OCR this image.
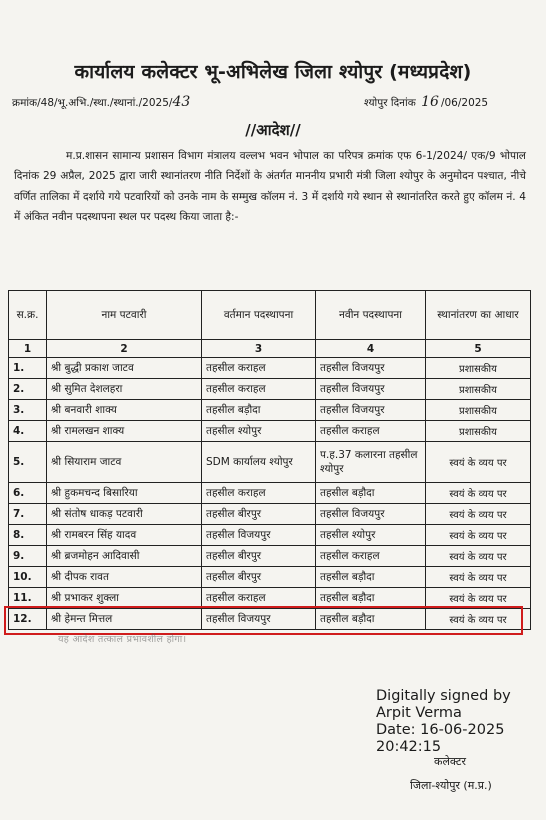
कार्यालय कलेक्टर भू-अभिलेख जिला श्योपुर (मध्यप्रदेश)
क्रमांक/48/भू.अभि./स्था./स्थानां./2025/43	श्योपुर दिनांक 16 /06/2025
//आदेश//
म.प्र.शासन सामान्य प्रशासन विभाग मंत्रालय वल्लभ भवन भोपाल का परिपत्र क्रमांक एफ 6-1/2024/ एक/9 भोपाल दिनांक 29 अप्रैल, 2025 द्वारा जारी स्थानांतरण नीति निर्देशों के अंतर्गत माननीय प्रभारी मंत्री जिला श्योपुर के अनुमोदन पश्चात, नीचे वर्णित तालिका में दर्शाये गये पटवारियों को उनके नाम के सम्मुख कॉलम नं. 3 में दर्शाये गये स्थान से स्थानांतरित करते हुए कॉलम नं. 4 में अंकित नवीन पदस्थापना स्थल पर पदस्थ किया जाता है:-
स.क्र.	नाम पटवारी	वर्तमान पदस्थापना	नवीन पदस्थापना	स्थानांतरण का आधार
1	2	3	4	5
1.	श्री बुद्धी प्रकाश जाटव	तहसील कराहल	तहसील विजयपुर	प्रशासकीय
2.	श्री सुमित देशलहरा	तहसील कराहल	तहसील विजयपुर	प्रशासकीय
3.	श्री बनवारी शाक्य	तहसील बड़ौदा	तहसील विजयपुर	प्रशासकीय
4.	श्री रामलखन शाक्य	तहसील श्योपुर	तहसील कराहल	प्रशासकीय
5.	श्री सियाराम जाटव	SDM कार्यालय श्योपुर	प.ह.37 कलारना तहसील श्योपुर	स्वयं के व्यय पर
6.	श्री हुकमचन्द बिसारिया	तहसील कराहल	तहसील बड़ौदा	स्वयं के व्यय पर
7.	श्री संतोष धाकड़ पटवारी	तहसील बीरपुर	तहसील विजयपुर	स्वयं के व्यय पर
8.	श्री रामबरन सिंह यादव	तहसील विजयपुर	तहसील श्योपुर	स्वयं के व्यय पर
9.	श्री ब्रजमोहन आदिवासी	तहसील बीरपुर	तहसील कराहल	स्वयं के व्यय पर
10.	श्री दीपक रावत	तहसील बीरपुर	तहसील बड़ौदा	स्वयं के व्यय पर
11.	श्री प्रभाकर शुक्ला	तहसील कराहल	तहसील बड़ौदा	स्वयं के व्यय पर
12.	श्री हेमन्त मित्तल	तहसील विजयपुर	तहसील बड़ौदा	स्वयं के व्यय पर
यह आदेश तत्काल प्रभावशील होगा।
Digitally signed by
Arpit Verma
Date: 16-06-2025
20:42:15
कलेक्टर
जिला-श्योपुर (म.प्र.)
